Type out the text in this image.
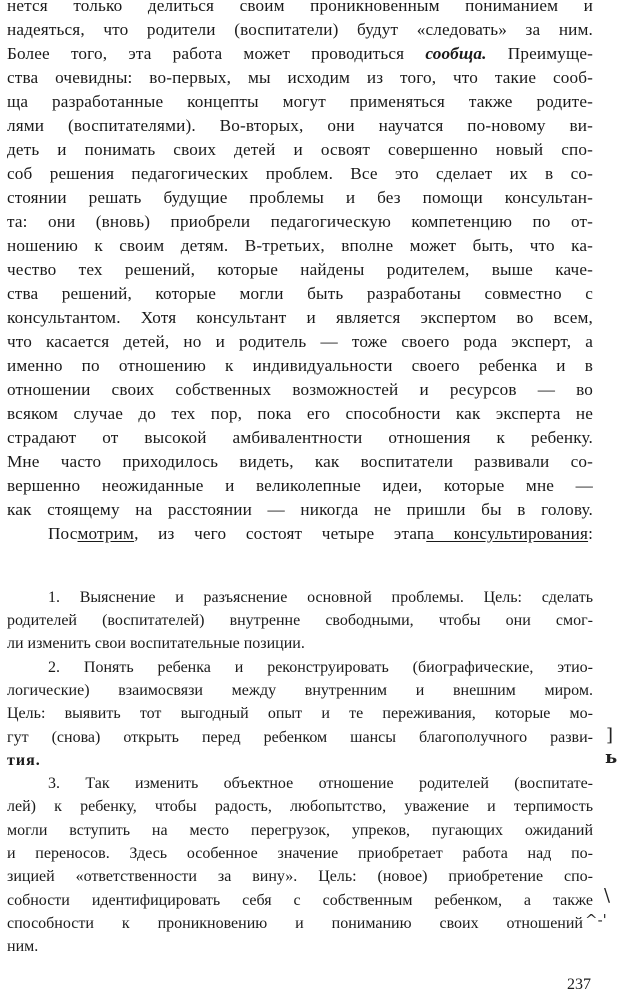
нется только делиться своим проникновенным пониманием и
надеяться, что родители (воспитатели) будут «следовать» за ним.
Более того, эта работа может проводиться сообща. Преимуще-
ства очевидны: во-первых, мы исходим из того, что такие сооб-
ща разработанные концепты могут применяться также родите-
лями (воспитателями). Во-вторых, они научатся по-новому ви-
деть и понимать своих детей и освоят совершенно новый спо-
соб решения педагогических проблем. Все это сделает их в со-
стоянии решать будущие проблемы и без помощи консультан-
та: они (вновь) приобрели педагогическую компетенцию по от-
ношению к своим детям. В-третьих, вполне может быть, что ка-
чество тех решений, которые найдены родителем, выше каче-
ства решений, которые могли быть разработаны совместно с
консультантом. Хотя консультант и является экспертом во всем,
что касается детей, но и родитель — тоже своего рода эксперт, а
именно по отношению к индивидуальности своего ребенка и в
отношении своих собственных возможностей и ресурсов — во
всяком случае до тех пор, пока его способности как эксперта не
страдают от высокой амбивалентности отношения к ребенку.
Мне часто приходилось видеть, как воспитатели развивали со-
вершенно неожиданные и великолепные идеи, которые мне —
как стоящему на расстоянии — никогда не пришли бы в голову.
Посмотрим, из чего состоят четыре этапа консультирования:
1. Выяснение и разъяснение основной проблемы. Цель: сделать
родителей (воспитателей) внутренне свободными, чтобы они смог-
ли изменить свои воспитательные позиции.
2. Понять ребенка и реконструировать (биографические, этио-
логические) взаимосвязи между внутренним и внешним миром.
Цель: выявить тот выгодный опыт и те переживания, которые мо-
гут (снова) открыть перед ребенком шансы благополучного разви-
тия.
3. Так изменить объектное отношение родителей (воспитате-
лей) к ребенку, чтобы радость, любопытство, уважение и терпимость
могли вступить на место перегрузок, упреков, пугающих ожиданий
и переносов. Здесь особенное значение приобретает работа над по-
зицией «ответственности за вину». Цель: (новое) приобретение спо-
собности идентифицировать себя с собственным ребенком, а также
способности к проникновению и пониманию своих отношений
ним.
]
ь
\
^-'
237
